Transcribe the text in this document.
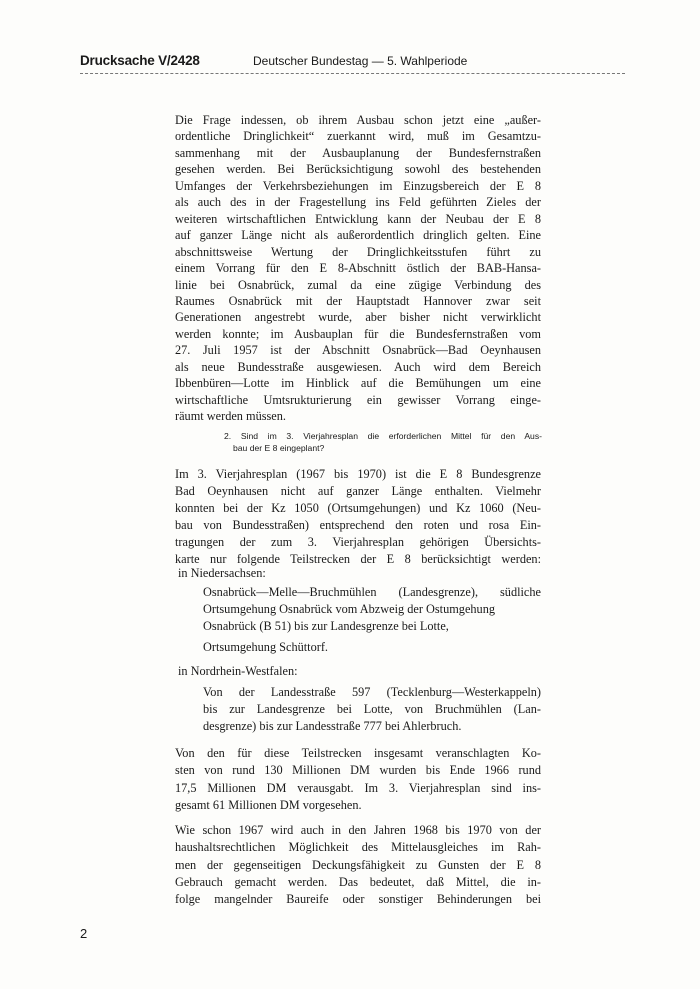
Drucksache V/2428	Deutscher Bundestag — 5. Wahlperiode
Die Frage indessen, ob ihrem Ausbau schon jetzt eine „außer-
ordentliche Dringlichkeit“ zuerkannt wird, muß im Gesamtzu-
sammenhang mit der Ausbauplanung der Bundesfernstraßen
gesehen werden. Bei Berücksichtigung sowohl des bestehenden
Umfanges der Verkehrsbeziehungen im Einzugsbereich der E 8
als auch des in der Fragestellung ins Feld geführten Zieles der
weiteren wirtschaftlichen Entwicklung kann der Neubau der E 8
auf ganzer Länge nicht als außerordentlich dringlich gelten. Eine
abschnittsweise Wertung der Dringlichkeitsstufen führt zu
einem Vorrang für den E 8-Abschnitt östlich der BAB-Hansa-
linie bei Osnabrück, zumal da eine zügige Verbindung des
Raumes Osnabrück mit der Hauptstadt Hannover zwar seit
Generationen angestrebt wurde, aber bisher nicht verwirklicht
werden konnte; im Ausbauplan für die Bundesfernstraßen vom
27. Juli 1957 ist der Abschnitt Osnabrück—Bad Oeynhausen
als neue Bundesstraße ausgewiesen. Auch wird dem Bereich
Ibbenbüren—Lotte im Hinblick auf die Bemühungen um eine
wirtschaftliche Umtsrukturierung ein gewisser Vorrang einge-
räumt werden müssen.
2. Sind im 3. Vierjahresplan die erforderlichen Mittel für den Aus-
bau der E 8 eingeplant?
Im 3. Vierjahresplan (1967 bis 1970) ist die E 8 Bundesgrenze
Bad Oeynhausen nicht auf ganzer Länge enthalten. Vielmehr
konnten bei der Kz 1050 (Ortsumgehungen) und Kz 1060 (Neu-
bau von Bundesstraßen) entsprechend den roten und rosa Ein-
tragungen der zum 3. Vierjahresplan gehörigen Übersichts-
karte nur folgende Teilstrecken der E 8 berücksichtigt werden:
in Niedersachsen:
Osnabrück—Melle—Bruchmühlen (Landesgrenze), südliche
Ortsumgehung Osnabrück vom Abzweig der Ostumgehung
Osnabrück (B 51) bis zur Landesgrenze bei Lotte,
Ortsumgehung Schüttorf.
in Nordrhein-Westfalen:
Von der Landesstraße 597 (Tecklenburg—Westerkappeln)
bis zur Landesgrenze bei Lotte, von Bruchmühlen (Lan-
desgrenze) bis zur Landesstraße 777 bei Ahlerbruch.
Von den für diese Teilstrecken insgesamt veranschlagten Ko-
sten von rund 130 Millionen DM wurden bis Ende 1966 rund
17,5 Millionen DM verausgabt. Im 3. Vierjahresplan sind ins-
gesamt 61 Millionen DM vorgesehen.
Wie schon 1967 wird auch in den Jahren 1968 bis 1970 von der
haushaltsrechtlichen Möglichkeit des Mittelausgleiches im Rah-
men der gegenseitigen Deckungsfähigkeit zu Gunsten der E 8
Gebrauch gemacht werden. Das bedeutet, daß Mittel, die in-
folge mangelnder Baureife oder sonstiger Behinderungen bei
2
